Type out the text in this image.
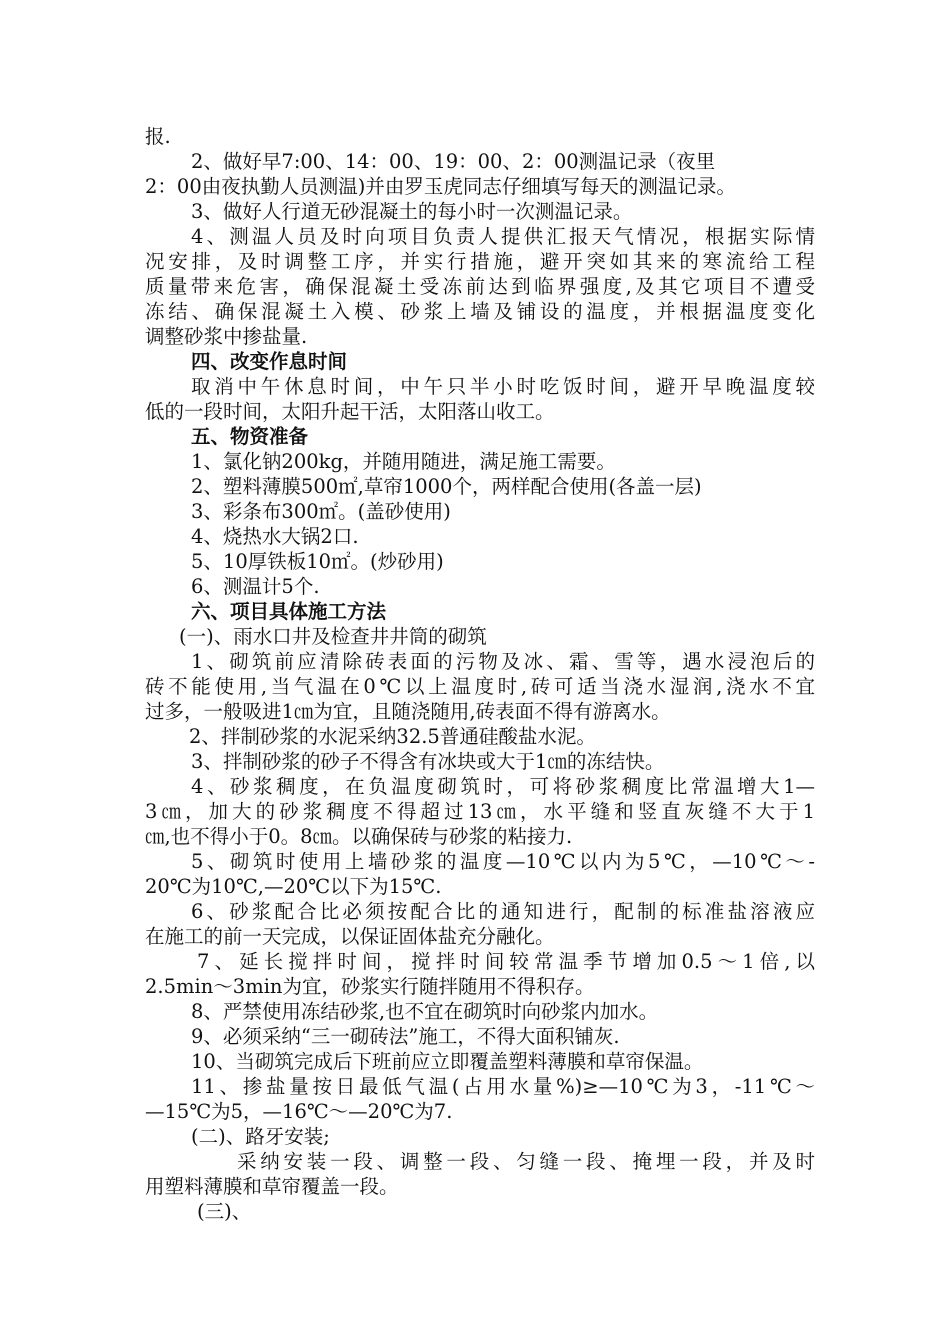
报.
2、做好早7:00、14：00、19：00、2：00测温记录（夜里
2：00由夜执勤人员测温)并由罗玉虎同志仔细填写每天的测温记录。
3、做好人行道无砂混凝土的每小时一次测温记录。
4、测温人员及时向项目负责人提供汇报天气情况，根据实际情
况安排，及时调整工序，并实行措施，避开突如其来的寒流给工程
质量带来危害，确保混凝土受冻前达到临界强度,及其它项目不遭受
冻结、确保混凝土入模、砂浆上墙及铺设的温度，并根据温度变化
调整砂浆中掺盐量.
四、改变作息时间
取消中午休息时间，中午只半小时吃饭时间，避开早晚温度较
低的一段时间，太阳升起干活，太阳落山收工。
五、物资准备
1、氯化钠200kg，并随用随进，满足施工需要。
2、塑料薄膜500㎡,草帘1000个，两样配合使用(各盖一层)
3、彩条布300㎡。(盖砂使用)
4、烧热水大锅2口.
5、10厚铁板10㎡。(炒砂用)
6、测温计5个.
六、项目具体施工方法
(一)、雨水口井及检查井井筒的砌筑
1、砌筑前应清除砖表面的污物及冰、霜、雪等，遇水浸泡后的
砖不能使用,当气温在0℃以上温度时,砖可适当浇水湿润,浇水不宜
过多，一般吸进1㎝为宜，且随浇随用,砖表面不得有游离水。
2、拌制砂浆的水泥采纳32.5普通硅酸盐水泥。
3、拌制砂浆的砂子不得含有冰块或大于1㎝的冻结快。
4、砂浆稠度，在负温度砌筑时，可将砂浆稠度比常温增大1—
3㎝，加大的砂浆稠度不得超过13㎝，水平缝和竖直灰缝不大于1
㎝,也不得小于0。8㎝。以确保砖与砂浆的粘接力.
5、砌筑时使用上墙砂浆的温度—10℃以内为5℃，—10℃～-
20℃为10℃,—20℃以下为15℃.
6、砂浆配合比必须按配合比的通知进行，配制的标准盐溶液应
在施工的前一天完成，以保证固体盐充分融化。
7、延长搅拌时间，搅拌时间较常温季节增加0.5～1倍,以
2.5min～3min为宜，砂浆实行随拌随用不得积存。
8、严禁使用冻结砂浆,也不宜在砌筑时向砂浆内加水。
9、必须采纳“三一砌砖法”施工，不得大面积铺灰.
10、当砌筑完成后下班前应立即覆盖塑料薄膜和草帘保温。
11、掺盐量按日最低气温(占用水量%)≥—10℃为3，-11℃～
—15℃为5，—16℃～—20℃为7.
(二)、路牙安装;
采纳安装一段、调整一段、匀缝一段、掩埋一段，并及时
用塑料薄膜和草帘覆盖一段。
(三)、
